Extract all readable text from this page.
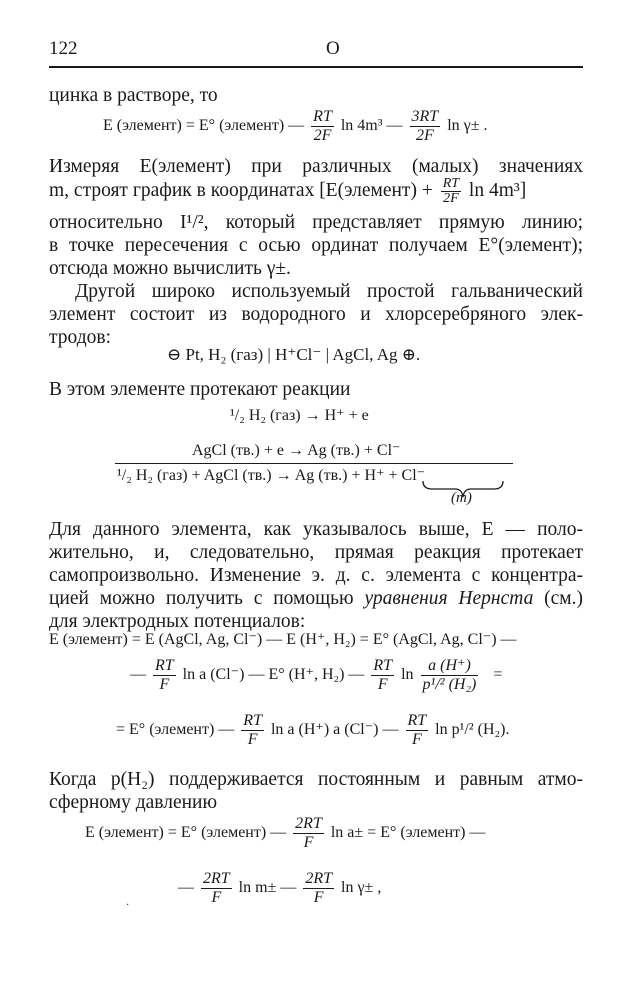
122	О
цинка в растворе, то
E (элемент) = E° (элемент) — $\frac{RT}{2F}$ ln 4m³ — $\frac{3RT}{2F}$ ln γ± .
Измеряя E(элемент) при различных (малых) значениях
m, строят график в координатах [E(элемент) + $\frac{RT}{2F}$ ln 4m³]
относительно I¹/², который представляет прямую линию;
в точке пересечения с осью ординат получаем E°(элемент);
отсюда можно вычислить γ±.
Другой широко используемый простой гальванический
элемент состоит из водородного и хлорсеребряного элек-
тродов:
⊖ Pt, H₂ (газ) | H⁺Cl⁻ | AgCl, Ag ⊕.
В этом элементе протекают реакции
¹/₂ H₂ (газ) → H⁺ + e
AgCl (тв.) + e → Ag (тв.) + Cl⁻
¹/₂ H₂ (газ) + AgCl (тв.) → Ag (тв.) + H⁺ + Cl⁻
(m)
Для данного элемента, как указывалось выше, E — поло-
жительно, и, следовательно, прямая реакция протекает
самопроизвольно. Изменение э. д. с. элемента с концентра-
цией можно получить с помощью уравнения Нернста (см.)
для электродных потенциалов:
E (элемент) = E (AgCl, Ag, Cl⁻) — E (H⁺, H₂) = E° (AgCl, Ag, Cl⁻) —
— $\frac{RT}{F}$ ln a (Cl⁻) — E° (H⁺, H₂) — $\frac{RT}{F}$ $\ln \frac{a (H^+)}{\text{p¹/² (H₂)}}$ =
= E° (элемент) — $\frac{RT}{F}$ ln a (H⁺) a (Cl⁻) — $\frac{RT}{F}$ ln p¹/² (H₂).
Когда p(H₂) поддерживается постоянным и равным атмо-
сферному давлению
E (элемент) = E° (элемент) — $\frac{2RT}{F}$ ln a± = E° (элемент) —
— $\frac{2RT}{F}$ ln m± — $\frac{2RT}{F}$ ln γ± ,
·
